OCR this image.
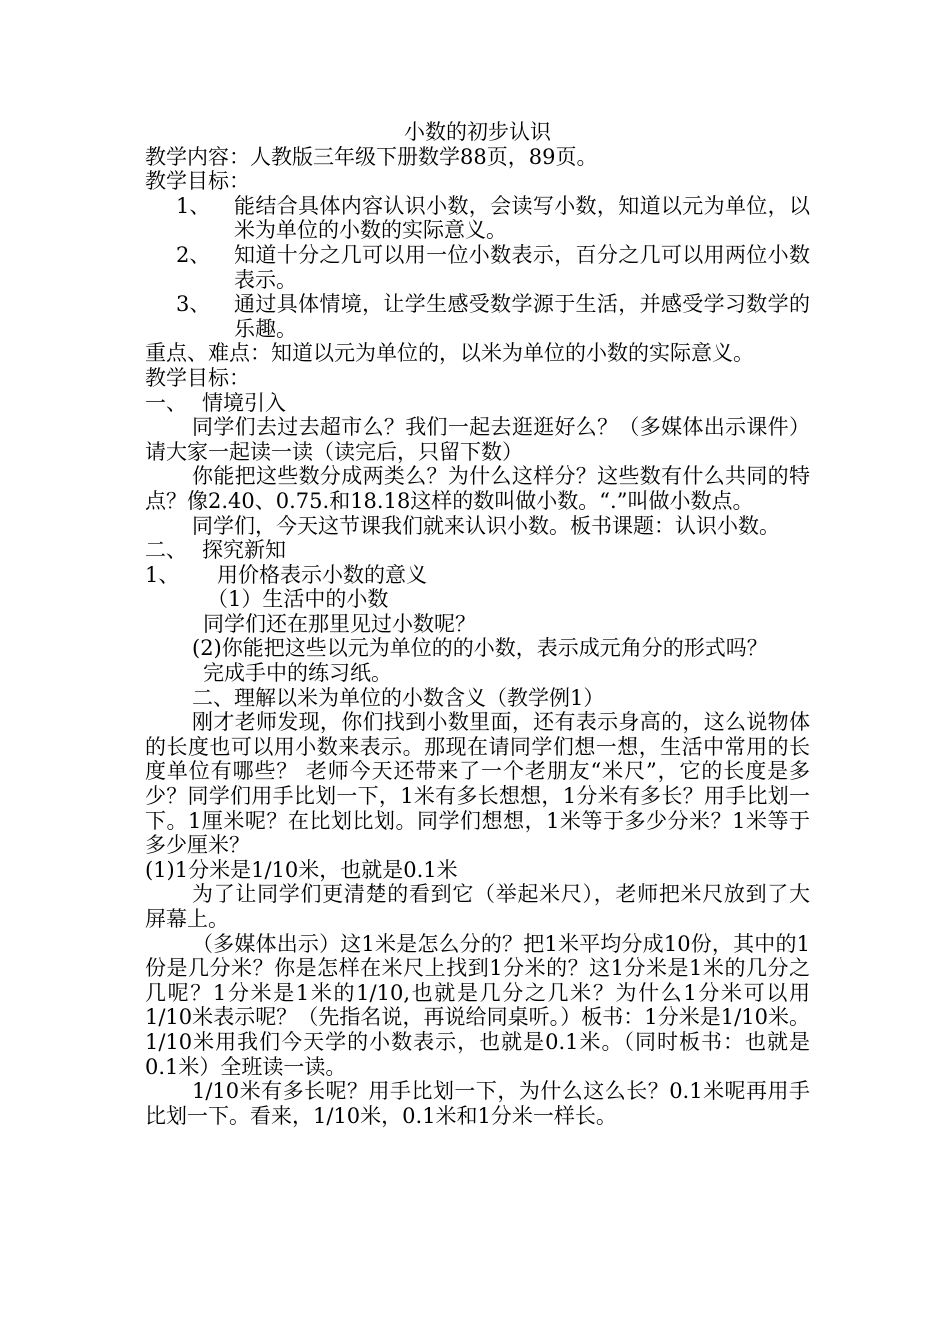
小数的初步认识

教学内容：人教版三年级下册数学88页，89页。

教学目标：

1、	能结合具体内容认识小数，会读写小数，知道以元为单位，以米为单位的小数的实际意义。
2、	知道十分之几可以用一位小数表示，百分之几可以用两位小数表示。
3、	通过具体情境，让学生感受数学源于生活，并感受学习数学的乐趣。

重点、难点：知道以元为单位的，以米为单位的小数的实际意义。

教学目标：

一、 情境引入

同学们去过去超市么？我们一起去逛逛好么？（多媒体出示课件）请大家一起读一读（读完后，只留下数）

你能把这些数分成两类么？为什么这样分？这些数有什么共同的特点？像2.40、0.75.和18.18这样的数叫做小数。“.”叫做小数点。

同学们，今天这节课我们就来认识小数。板书课题：认识小数。

二、 探究新知
1、	用价格表示小数的意义

（1）生活中的小数

同学们还在那里见过小数呢？

(2)你能把这些以元为单位的的小数，表示成元角分的形式吗？

完成手中的练习纸。

二、理解以米为单位的小数含义（教学例1）

刚才老师发现，你们找到小数里面，还有表示身高的，这么说物体的长度也可以用小数来表示。那现在请同学们想一想，生活中常用的长度单位有哪些？ 老师今天还带来了一个老朋友“米尺”，它的长度是多少？同学们用手比划一下，1米有多长想想，1分米有多长？用手比划一下。1厘米呢？在比划比划。同学们想想，1米等于多少分米？1米等于多少厘米？

(1)1分米是1/10米，也就是0.1米

为了让同学们更清楚的看到它（举起米尺），老师把米尺放到了大屏幕上。

（多媒体出示）这1米是怎么分的？把1米平均分成10份，其中的1份是几分米？你是怎样在米尺上找到1分米的？这1分米是1米的几分之几呢？1分米是1米的1/10,也就是几分之几米？为什么1分米可以用1/10米表示呢？（先指名说，再说给同桌听。）板书：1分米是1/10米。1/10米用我们今天学的小数表示，也就是0.1米。（同时板书：也就是0.1米）全班读一读。

1/10米有多长呢？用手比划一下，为什么这么长？0.1米呢再用手比划一下。看来，1/10米，0.1米和1分米一样长。
